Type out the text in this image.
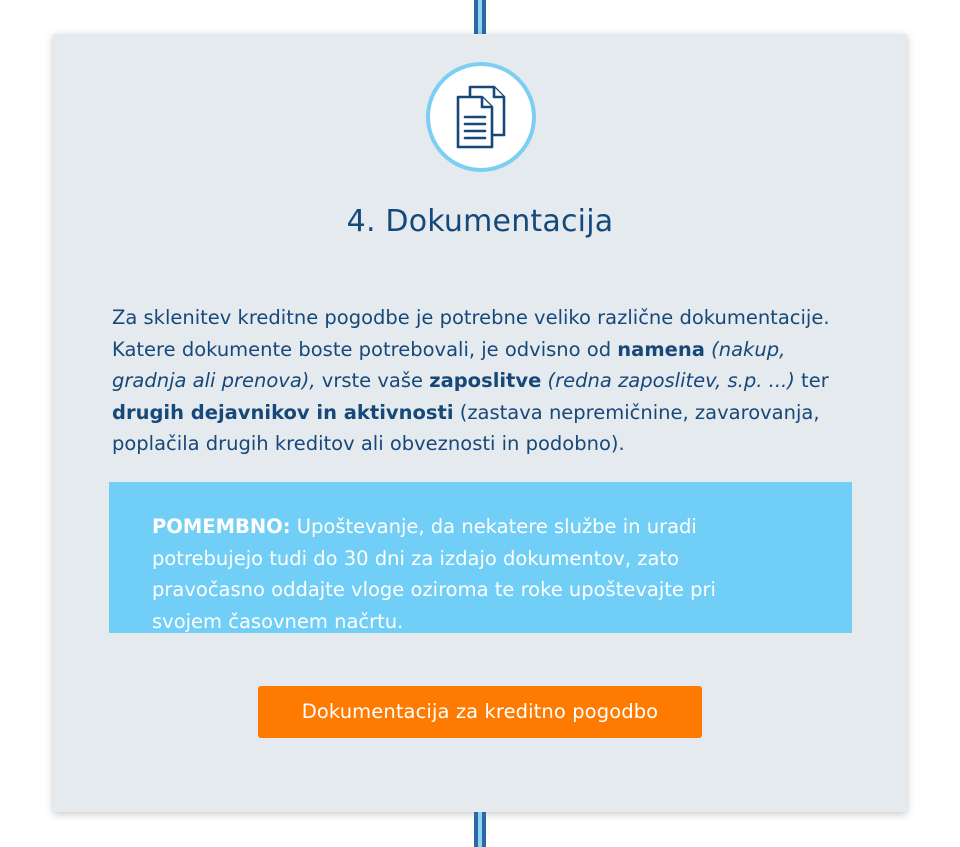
4. Dokumentacija
Za sklenitev kreditne pogodbe je potrebne veliko različne dokumentacije. Katere dokumente boste potrebovali, je odvisno od namena (nakup, gradnja ali prenova), vrste vaše zaposlitve (redna zaposlitev, s.p. ...) ter drugih dejavnikov in aktivnosti (zastava nepremičnine, zavarovanja, poplačila drugih kreditov ali obveznosti in podobno).
POMEMBNO: Upoštevanje, da nekatere službe in uradi potrebujejo tudi do 30 dni za izdajo dokumentov, zato pravočasno oddajte vloge oziroma te roke upoštevajte pri svojem časovnem načrtu.
Dokumentacija za kreditno pogodbo
